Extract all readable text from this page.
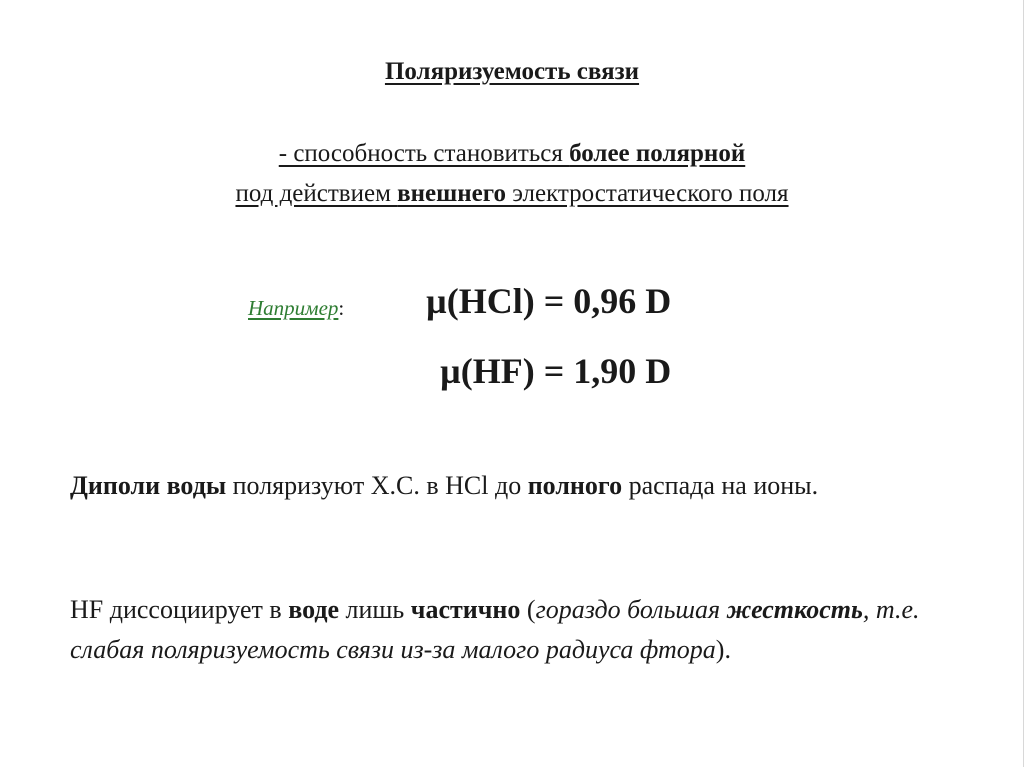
Поляризуемость связи
- способность становиться более полярной
под действием внешнего электростатического поля
Например: µ(HCl) = 0,96 D
µ(HF) = 1,90 D
Диполи воды поляризуют Х.С. в HCl до полного распада на ионы.
HF диссоциирует в воде лишь частично (гораздо большая жесткость, т.е. слабая поляризуемость связи из-за малого радиуса фтора).
